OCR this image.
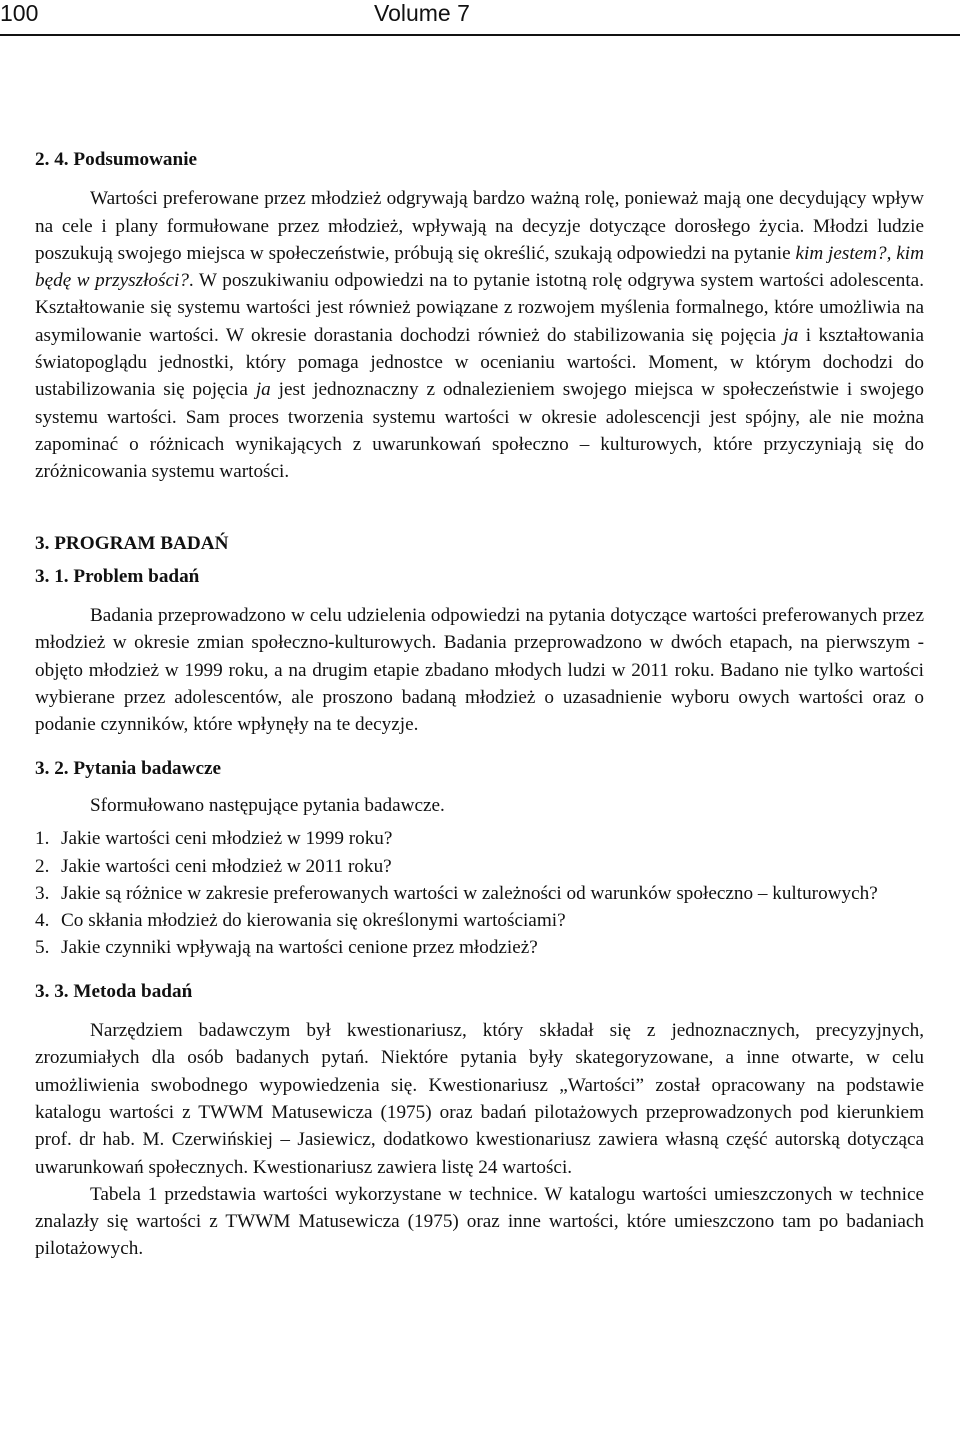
100	Volume 7

2. 4. Podsumowanie

Wartości preferowane przez młodzież odgrywają bardzo ważną rolę, ponieważ mają one decydujący wpływ na cele i plany formułowane przez młodzież, wpływają na decyzje dotyczące dorosłego życia. Młodzi ludzie poszukują swojego miejsca w społeczeństwie, próbują się określić, szukają odpowiedzi na pytanie kim jestem?, kim będę w przyszłości?. W poszukiwaniu odpowiedzi na to pytanie istotną rolę odgrywa system wartości adolescenta. Kształtowanie się systemu wartości jest również powiązane z rozwojem myślenia formalnego, które umożliwia na asymilowanie wartości. W okresie dorastania dochodzi również do stabilizowania się pojęcia ja i kształtowania światopoglądu jednostki, który pomaga jednostce w ocenianiu wartości. Moment, w którym dochodzi do ustabilizowania się pojęcia ja jest jednoznaczny z odnalezieniem swojego miejsca w społeczeństwie i swojego systemu wartości. Sam proces tworzenia systemu wartości w okresie adolescencji jest spójny, ale nie można zapominać o różnicach wynikających z uwarunkowań społeczno – kulturowych, które przyczyniają się do zróżnicowania systemu wartości.

3. PROGRAM BADAŃ

3. 1. Problem badań

Badania przeprowadzono w celu udzielenia odpowiedzi na pytania dotyczące wartości preferowanych przez młodzież w okresie zmian społeczno-kulturowych. Badania przeprowadzono w dwóch etapach, na pierwszym - objęto młodzież w 1999 roku, a na drugim etapie zbadano młodych ludzi w 2011 roku. Badano nie tylko wartości wybierane przez adolescentów, ale proszono badaną młodzież o uzasadnienie wyboru owych wartości oraz o podanie czynników, które wpłynęły na te decyzje.

3. 2. Pytania badawcze

Sformułowano następujące pytania badawcze.

1. Jakie wartości ceni młodzież w 1999 roku?
2. Jakie wartości ceni młodzież w 2011 roku?
3. Jakie są różnice w zakresie preferowanych wartości w zależności od warunków społeczno – kulturowych?
4. Co skłania młodzież do kierowania się określonymi wartościami?
5. Jakie czynniki wpływają na wartości cenione przez młodzież?

3. 3. Metoda badań

Narzędziem badawczym był kwestionariusz, który składał się z jednoznacznych, precyzyjnych, zrozumiałych dla osób badanych pytań. Niektóre pytania były skategoryzowane, a inne otwarte, w celu umożliwienia swobodnego wypowiedzenia się. Kwestionariusz „Wartości” został opracowany na podstawie katalogu wartości z TWWM Matusewicza (1975) oraz badań pilotażowych przeprowadzonych pod kierunkiem prof. dr hab. M. Czerwińskiej – Jasiewicz, dodatkowo kwestionariusz zawiera własną część autorską dotycząca uwarunkowań społecznych. Kwestionariusz zawiera listę 24 wartości.

Tabela 1 przedstawia wartości wykorzystane w technice. W katalogu wartości umieszczonych w technice znalazły się wartości z TWWM Matusewicza (1975) oraz inne wartości, które umieszczono tam po badaniach pilotażowych.
